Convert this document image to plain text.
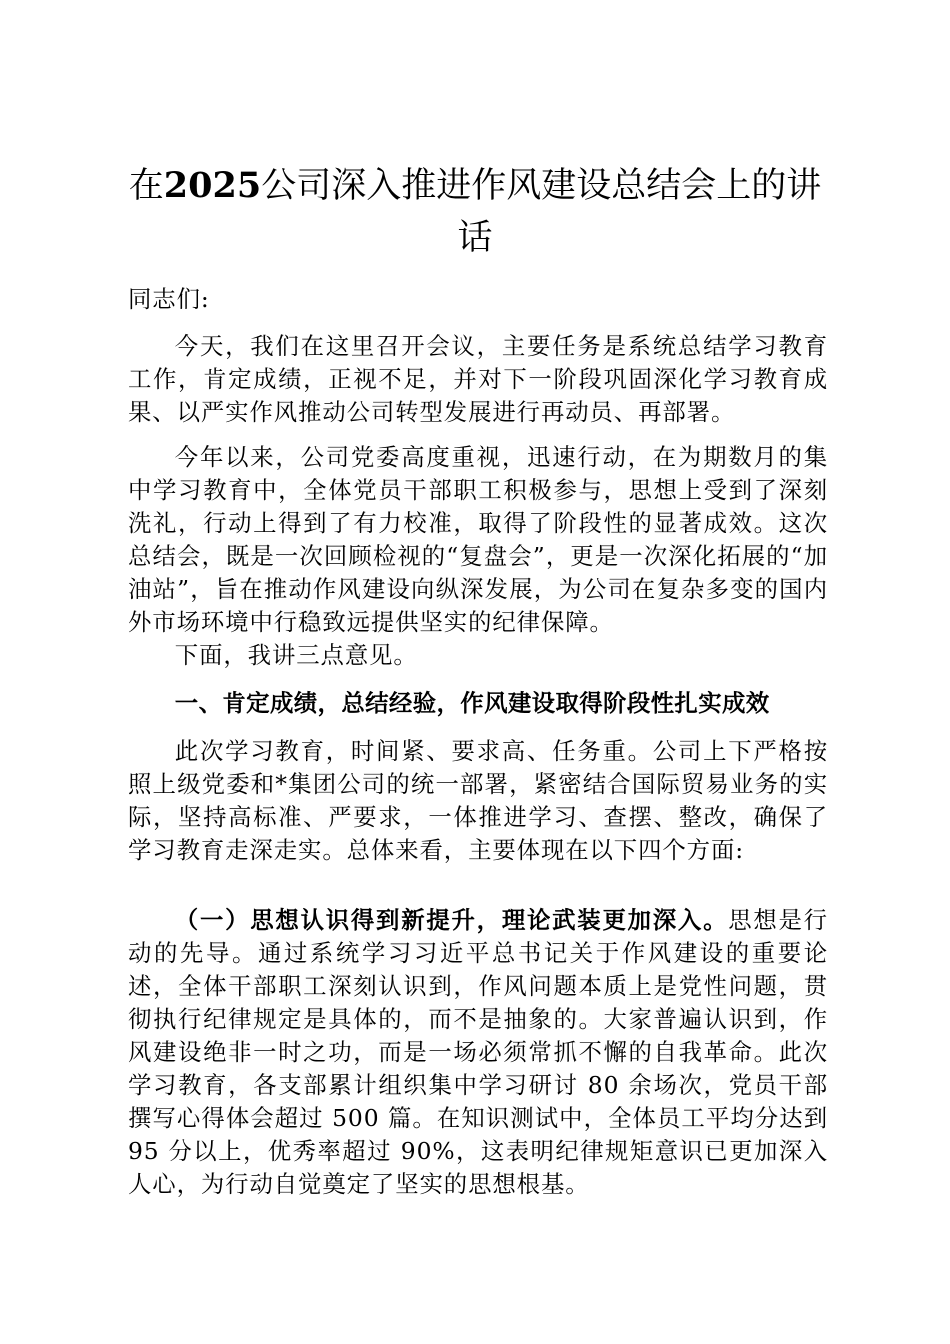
在2025公司深入推进作风建设总结会上的讲话
同志们:
今天，我们在这里召开会议，主要任务是系统总结学习教育工作，肯定成绩，正视不足，并对下一阶段巩固深化学习教育成果、以严实作风推动公司转型发展进行再动员、再部署。
今年以来，公司党委高度重视，迅速行动，在为期数月的集中学习教育中，全体党员干部职工积极参与，思想上受到了深刻洗礼，行动上得到了有力校准，取得了阶段性的显著成效。这次总结会，既是一次回顾检视的“复盘会”，更是一次深化拓展的“加油站”，旨在推动作风建设向纵深发展，为公司在复杂多变的国内外市场环境中行稳致远提供坚实的纪律保障。
下面，我讲三点意见。
一、肯定成绩，总结经验，作风建设取得阶段性扎实成效
此次学习教育，时间紧、要求高、任务重。公司上下严格按照上级党委和*集团公司的统一部署，紧密结合国际贸易业务的实际，坚持高标准、严要求，一体推进学习、查摆、整改，确保了学习教育走深走实。总体来看，主要体现在以下四个方面:
（一）思想认识得到新提升，理论武装更加深入。思想是行动的先导。通过系统学习习近平总书记关于作风建设的重要论述，全体干部职工深刻认识到，作风问题本质上是党性问题，贯彻执行纪律规定是具体的，而不是抽象的。大家普遍认识到，作风建设绝非一时之功，而是一场必须常抓不懈的自我革命。此次学习教育，各支部累计组织集中学习研讨 80 余场次，党员干部撰写心得体会超过 500 篇。在知识测试中，全体员工平均分达到 95 分以上，优秀率超过 90%，这表明纪律规矩意识已更加深入人心，为行动自觉奠定了坚实的思想根基。
